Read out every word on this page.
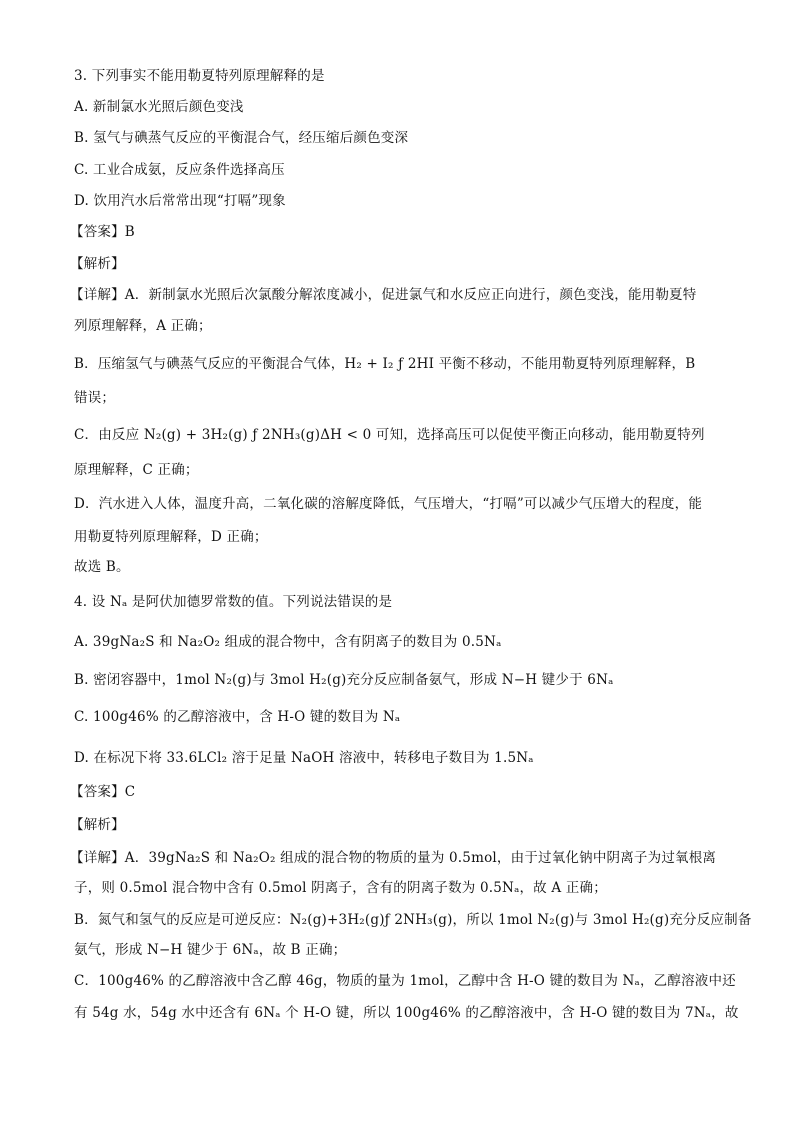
3. 下列事实不能用勒夏特列原理解释的是
A. 新制氯水光照后颜色变浅
B. 氢气与碘蒸气反应的平衡混合气，经压缩后颜色变深
C. 工业合成氨，反应条件选择高压
D. 饮用汽水后常常出现“打嗝”现象
【答案】B
【解析】
【详解】A．新制氯水光照后次氯酸分解浓度减小，促进氯气和水反应正向进行，颜色变浅，能用勒夏特
列原理解释，A 正确；
B．压缩氢气与碘蒸气反应的平衡混合气体，H₂ + I₂ ƒ 2HI 平衡不移动，不能用勒夏特列原理解释，B
错误；
C．由反应 N₂(g) + 3H₂(g) ƒ 2NH₃(g)ΔH < 0 可知，选择高压可以促使平衡正向移动，能用勒夏特列
原理解释，C 正确；
D．汽水进入人体，温度升高，二氧化碳的溶解度降低，气压增大，“打嗝”可以减少气压增大的程度，能
用勒夏特列原理解释，D 正确；
故选 B。
4. 设 Nₐ 是阿伏加德罗常数的值。下列说法错误的是
A. 39gNa₂S 和 Na₂O₂ 组成的混合物中，含有阴离子的数目为 0.5Nₐ
B. 密闭容器中，1mol N₂(g)与 3mol H₂(g)充分反应制备氨气，形成 N−H 键少于 6Nₐ
C. 100g46% 的乙醇溶液中，含 H-O 键的数目为 Nₐ
D. 在标况下将 33.6LCl₂ 溶于足量 NaOH 溶液中，转移电子数目为 1.5Nₐ
【答案】C
【解析】
【详解】A．39gNa₂S 和 Na₂O₂ 组成的混合物的物质的量为 0.5mol，由于过氧化钠中阴离子为过氧根离
子，则 0.5mol 混合物中含有 0.5mol 阴离子，含有的阴离子数为 0.5Nₐ，故 A 正确；
B．氮气和氢气的反应是可逆反应：N₂(g)+3H₂(g)ƒ 2NH₃(g)，所以 1mol N₂(g)与 3mol H₂(g)充分反应制备
氨气，形成 N−H 键少于 6Nₐ，故 B 正确；
C．100g46% 的乙醇溶液中含乙醇 46g，物质的量为 1mol，乙醇中含 H-O 键的数目为 Nₐ，乙醇溶液中还
有 54g 水，54g 水中还含有 6Nₐ 个 H-O 键，所以 100g46% 的乙醇溶液中，含 H-O 键的数目为 7Nₐ，故
